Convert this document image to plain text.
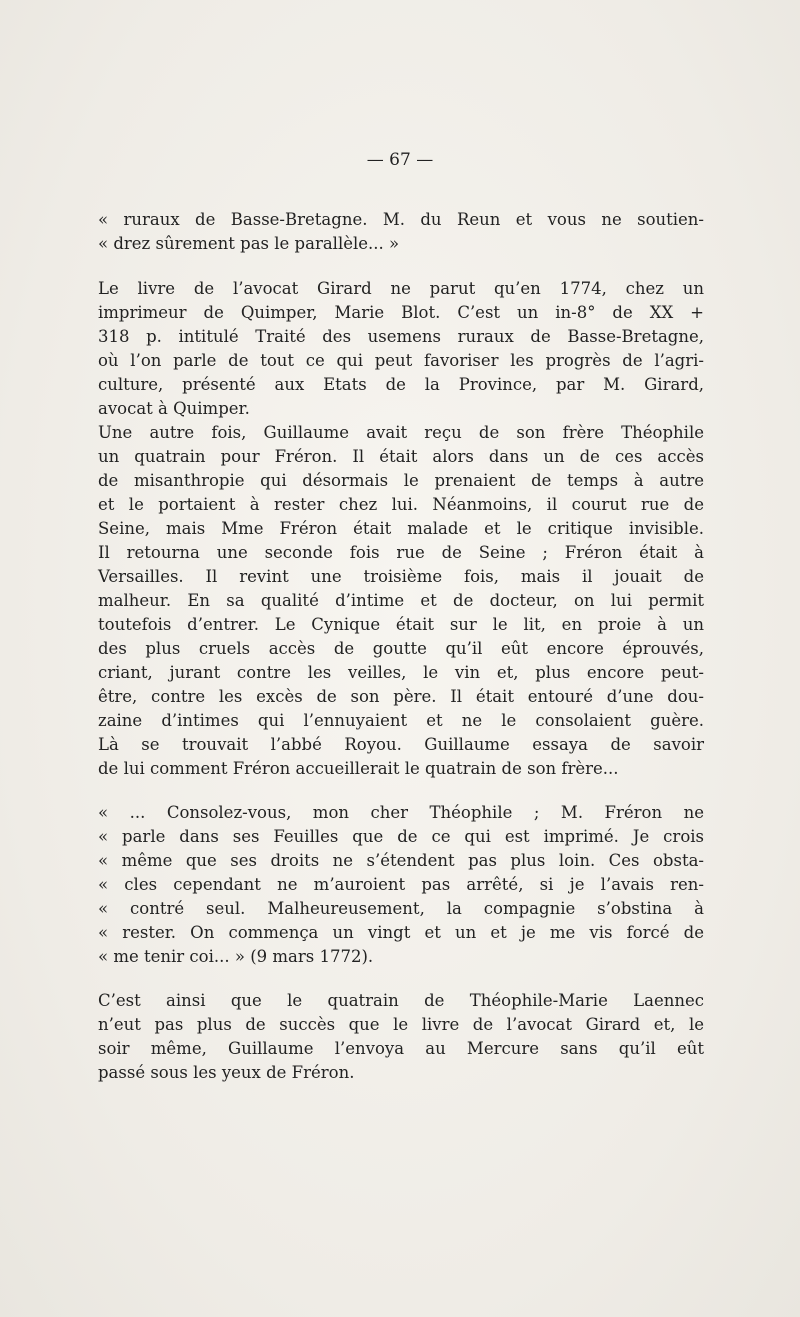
— 67 —
« ruraux de Basse-Bretagne. M. du Reun et vous ne soutien-
« drez sûrement pas le parallèle... »
Le livre de l’avocat Girard ne parut qu’en 1774, chez un
imprimeur de Quimper, Marie Blot. C’est un in-8° de XX +
318 p. intitulé Traité des usemens ruraux de Basse-Bretagne,
où l’on parle de tout ce qui peut favoriser les progrès de l’agri-
culture, présenté aux Etats de la Province, par M. Girard,
avocat à Quimper.
Une autre fois, Guillaume avait reçu de son frère Théophile
un quatrain pour Fréron. Il était alors dans un de ces accès
de misanthropie qui désormais le prenaient de temps à autre
et le portaient à rester chez lui. Néanmoins, il courut rue de
Seine, mais Mme Fréron était malade et le critique invisible.
Il retourna une seconde fois rue de Seine ; Fréron était à
Versailles. Il revint une troisième fois, mais il jouait de
malheur. En sa qualité d’intime et de docteur, on lui permit
toutefois d’entrer. Le Cynique était sur le lit, en proie à un
des plus cruels accès de goutte qu’il eût encore éprouvés,
criant, jurant contre les veilles, le vin et, plus encore peut-
être, contre les excès de son père. Il était entouré d’une dou-
zaine d’intimes qui l’ennuyaient et ne le consolaient guère.
Là se trouvait l’abbé Royou. Guillaume essaya de savoir
de lui comment Fréron accueillerait le quatrain de son frère...
« ... Consolez-vous, mon cher Théophile ; M. Fréron ne
« parle dans ses Feuilles que de ce qui est imprimé. Je crois
« même que ses droits ne s’étendent pas plus loin. Ces obsta-
« cles cependant ne m’auroient pas arrêté, si je l’avais ren-
« contré seul. Malheureusement, la compagnie s’obstina à
« rester. On commença un vingt et un et je me vis forcé de
« me tenir coi... » (9 mars 1772).
C’est ainsi que le quatrain de Théophile-Marie Laennec
n’eut pas plus de succès que le livre de l’avocat Girard et, le
soir même, Guillaume l’envoya au Mercure sans qu’il eût
passé sous les yeux de Fréron.
